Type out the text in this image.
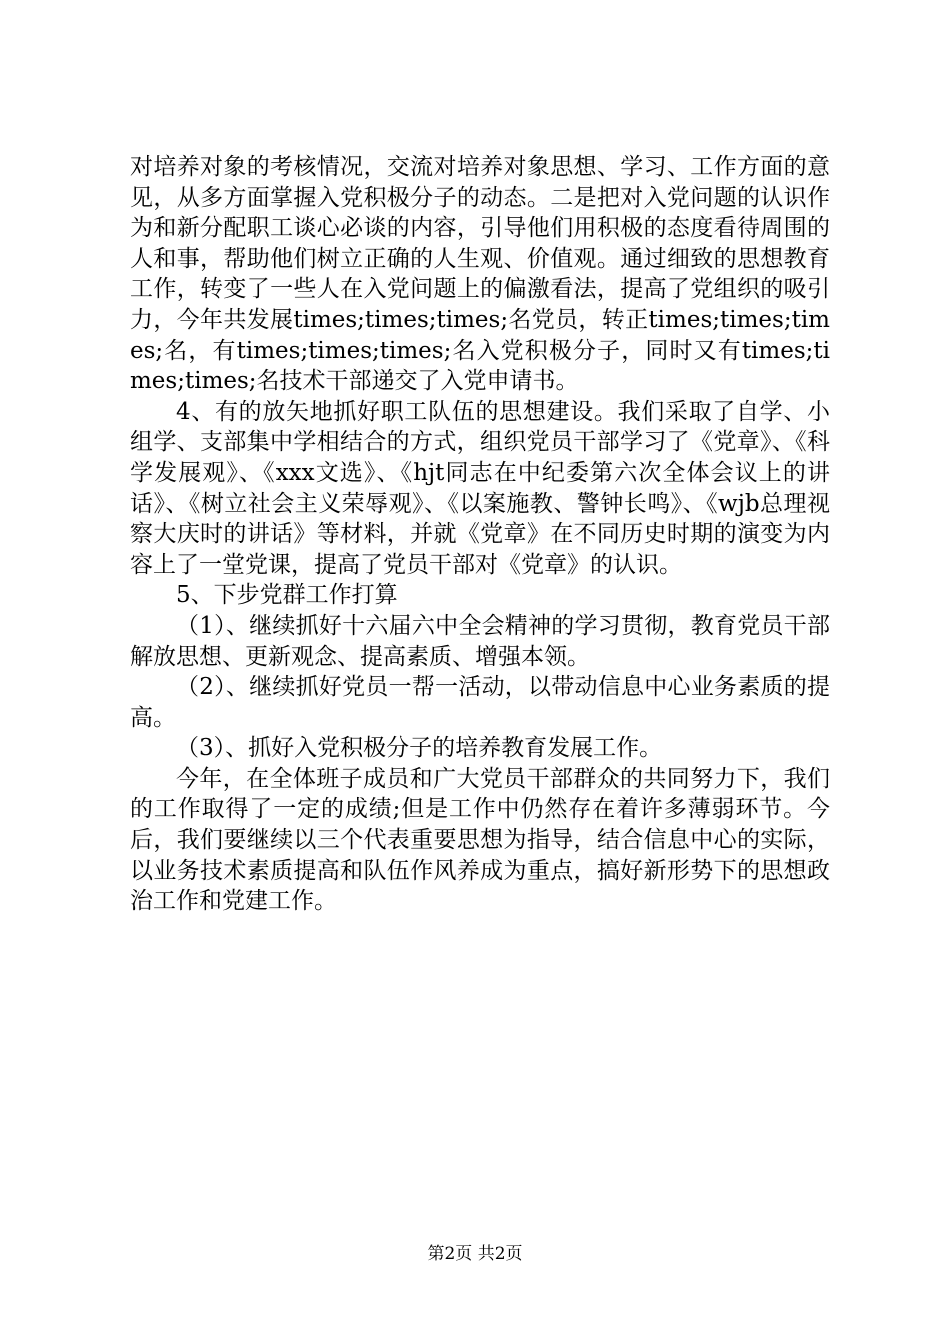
对培养对象的考核情况，交流对培养对象思想、学习、工作方面的意见，从多方面掌握入党积极分子的动态。二是把对入党问题的认识作为和新分配职工谈心必谈的内容，引导他们用积极的态度看待周围的人和事，帮助他们树立正确的人生观、价值观。通过细致的思想教育工作，转变了一些人在入党问题上的偏激看法，提高了党组织的吸引力，今年共发展times;times;times;名党员，转正times;times;times;名，有times;times;times;名入党积极分子，同时又有times;times;times;名技术干部递交了入党申请书。

4、有的放矢地抓好职工队伍的思想建设。我们采取了自学、小组学、支部集中学相结合的方式，组织党员干部学习了《党章》、《科学发展观》、《xxx文选》、《hjt同志在中纪委第六次全体会议上的讲话》、《树立社会主义荣辱观》、《以案施教、警钟长鸣》、《wjb总理视察大庆时的讲话》等材料，并就《党章》在不同历史时期的演变为内容上了一堂党课，提高了党员干部对《党章》的认识。

5、下步党群工作打算

（1）、继续抓好十六届六中全会精神的学习贯彻，教育党员干部解放思想、更新观念、提高素质、增强本领。

（2）、继续抓好党员一帮一活动，以带动信息中心业务素质的提高。

（3）、抓好入党积极分子的培养教育发展工作。

今年，在全体班子成员和广大党员干部群众的共同努力下，我们的工作取得了一定的成绩;但是工作中仍然存在着许多薄弱环节。今后，我们要继续以三个代表重要思想为指导，结合信息中心的实际，以业务技术素质提高和队伍作风养成为重点，搞好新形势下的思想政治工作和党建工作。

第2页 共2页
